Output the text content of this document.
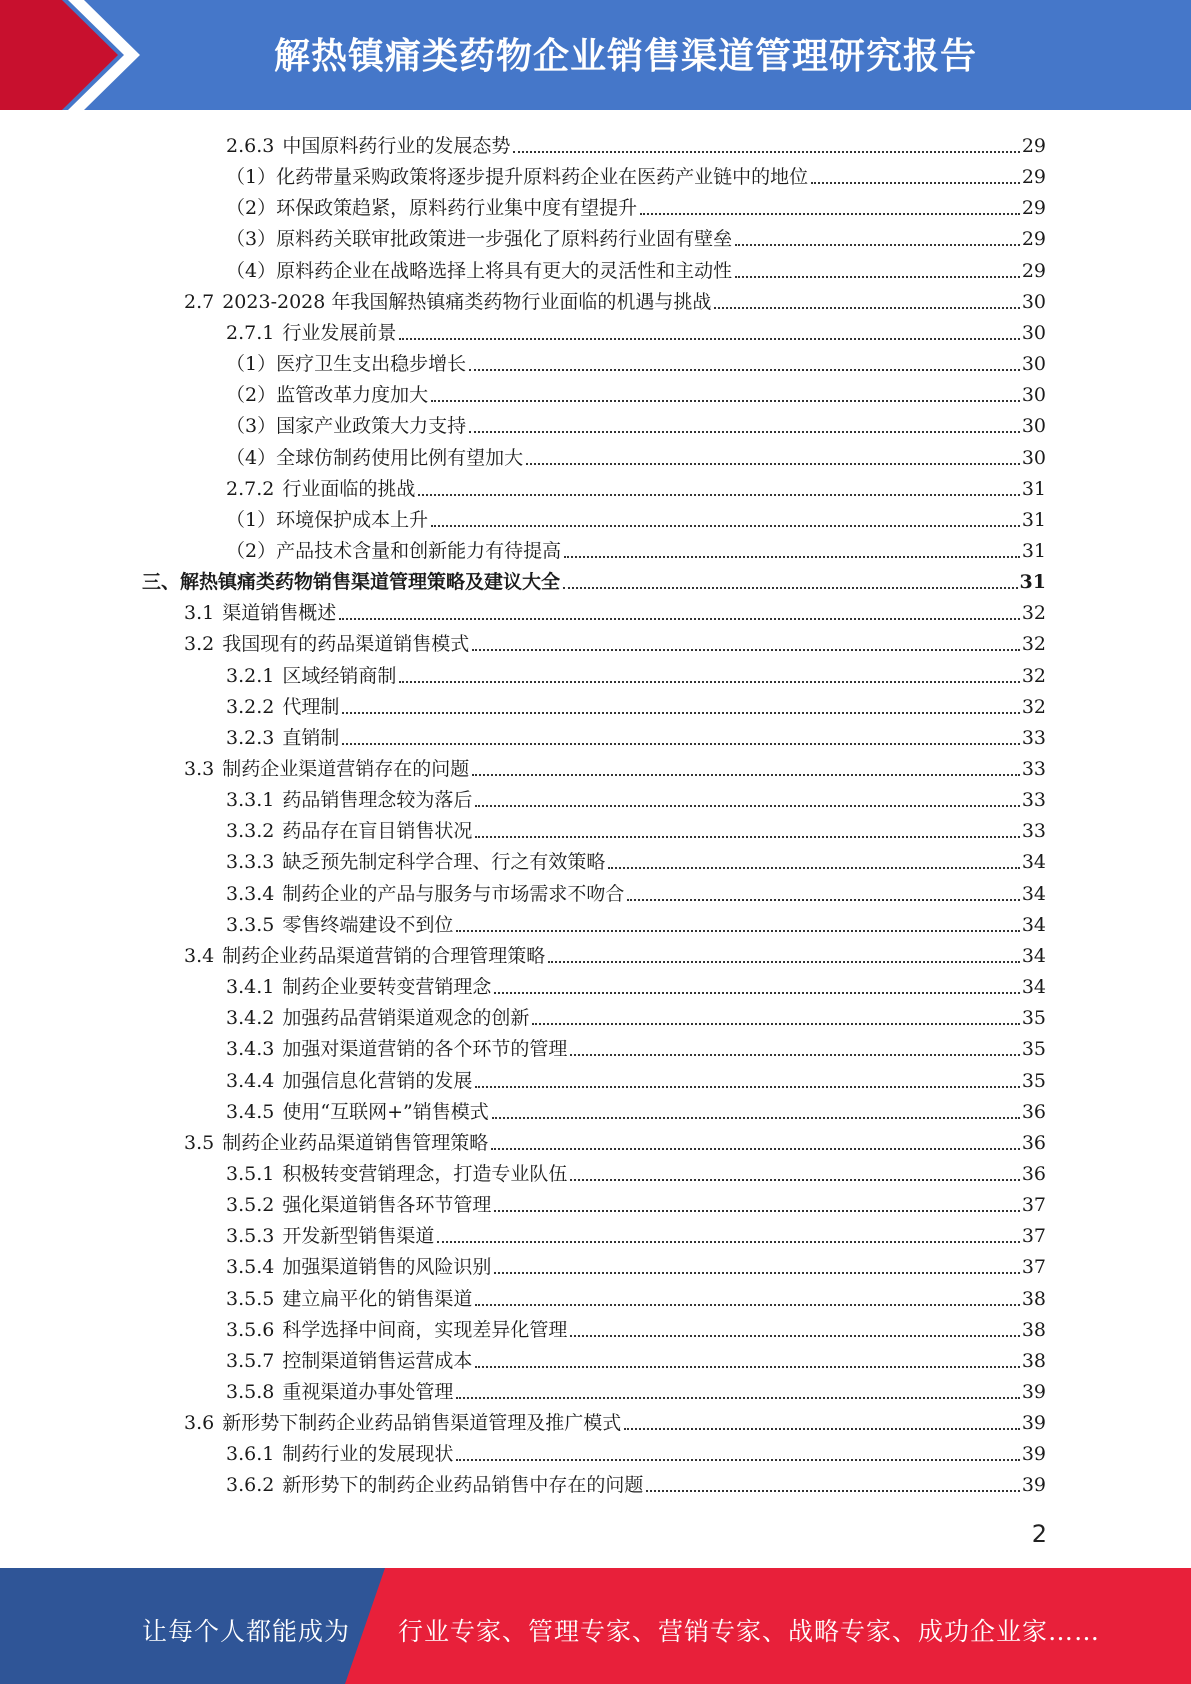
解热镇痛类药物企业销售渠道管理研究报告
2.6.3 中国原料药行业的发展态势	29
（1）化药带量采购政策将逐步提升原料药企业在医药产业链中的地位	29
（2）环保政策趋紧，原料药行业集中度有望提升	29
（3）原料药关联审批政策进一步强化了原料药行业固有壁垒	29
（4）原料药企业在战略选择上将具有更大的灵活性和主动性	29
2.7 2023-2028 年我国解热镇痛类药物行业面临的机遇与挑战	30
2.7.1 行业发展前景	30
（1）医疗卫生支出稳步增长	30
（2）监管改革力度加大	30
（3）国家产业政策大力支持	30
（4）全球仿制药使用比例有望加大	30
2.7.2 行业面临的挑战	31
（1）环境保护成本上升	31
（2）产品技术含量和创新能力有待提高	31
三、解热镇痛类药物销售渠道管理策略及建议大全	31
3.1 渠道销售概述	32
3.2 我国现有的药品渠道销售模式	32
3.2.1 区域经销商制	32
3.2.2 代理制	32
3.2.3 直销制	33
3.3 制药企业渠道营销存在的问题	33
3.3.1 药品销售理念较为落后	33
3.3.2 药品存在盲目销售状况	33
3.3.3 缺乏预先制定科学合理、行之有效策略	34
3.3.4 制药企业的产品与服务与市场需求不吻合	34
3.3.5 零售终端建设不到位	34
3.4 制药企业药品渠道营销的合理管理策略	34
3.4.1 制药企业要转变营销理念	34
3.4.2 加强药品营销渠道观念的创新	35
3.4.3 加强对渠道营销的各个环节的管理	35
3.4.4 加强信息化营销的发展	35
3.4.5 使用“互联网+”销售模式	36
3.5 制药企业药品渠道销售管理策略	36
3.5.1 积极转变营销理念，打造专业队伍	36
3.5.2 强化渠道销售各环节管理	37
3.5.3 开发新型销售渠道	37
3.5.4 加强渠道销售的风险识别	37
3.5.5 建立扁平化的销售渠道	38
3.5.6 科学选择中间商，实现差异化管理	38
3.5.7 控制渠道销售运营成本	38
3.5.8 重视渠道办事处管理	39
3.6 新形势下制药企业药品销售渠道管理及推广模式	39
3.6.1 制药行业的发展现状	39
3.6.2 新形势下的制药企业药品销售中存在的问题	39
2
让每个人都能成为 行业专家、管理专家、营销专家、战略专家、成功企业家……
